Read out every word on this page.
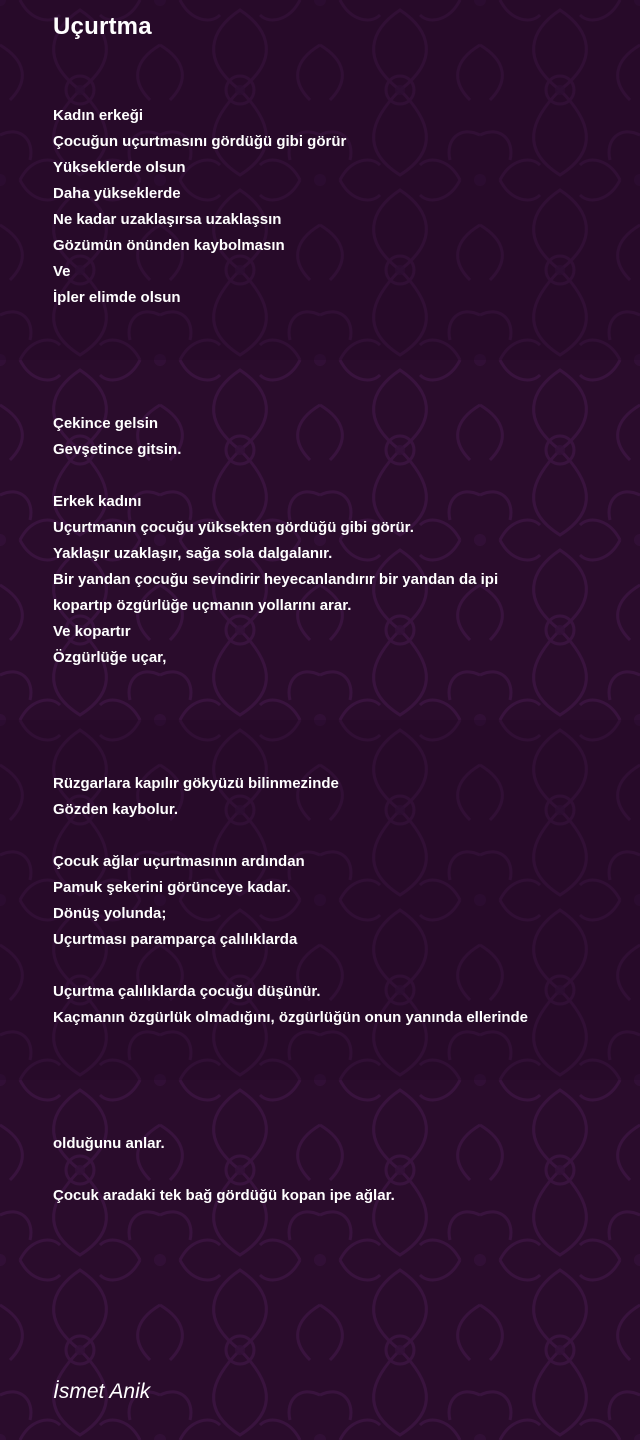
Uçurtma
Kadın erkeği
Çocuğun uçurtmasını gördüğü gibi görür
Yükseklerde olsun
Daha yükseklerde
Ne kadar uzaklaşırsa uzaklaşsın
Gözümün önünden kaybolmasın
Ve
İpler elimde olsun
Çekince gelsin
Gevşetince gitsin.
Erkek kadını
Uçurtmanın çocuğu yüksekten gördüğü gibi görür.
Yaklaşır uzaklaşır, sağa sola dalgalanır.
Bir yandan çocuğu sevindirir heyecanlandırır bir yandan da ipi
kopartıp özgürlüğe uçmanın yollarını arar.
Ve kopartır
Özgürlüğe uçar,
Rüzgarlara kapılır gökyüzü bilinmezinde
Gözden kaybolur.
Çocuk ağlar uçurtmasının ardından
Pamuk şekerini görünceye kadar.
Dönüş yolunda;
Uçurtması paramparça çalılıklarda
Uçurtma çalılıklarda çocuğu düşünür.
Kaçmanın özgürlük olmadığını, özgürlüğün onun yanında ellerinde
olduğunu anlar.
Çocuk aradaki tek bağ gördüğü kopan ipe ağlar.
İsmet Anik
